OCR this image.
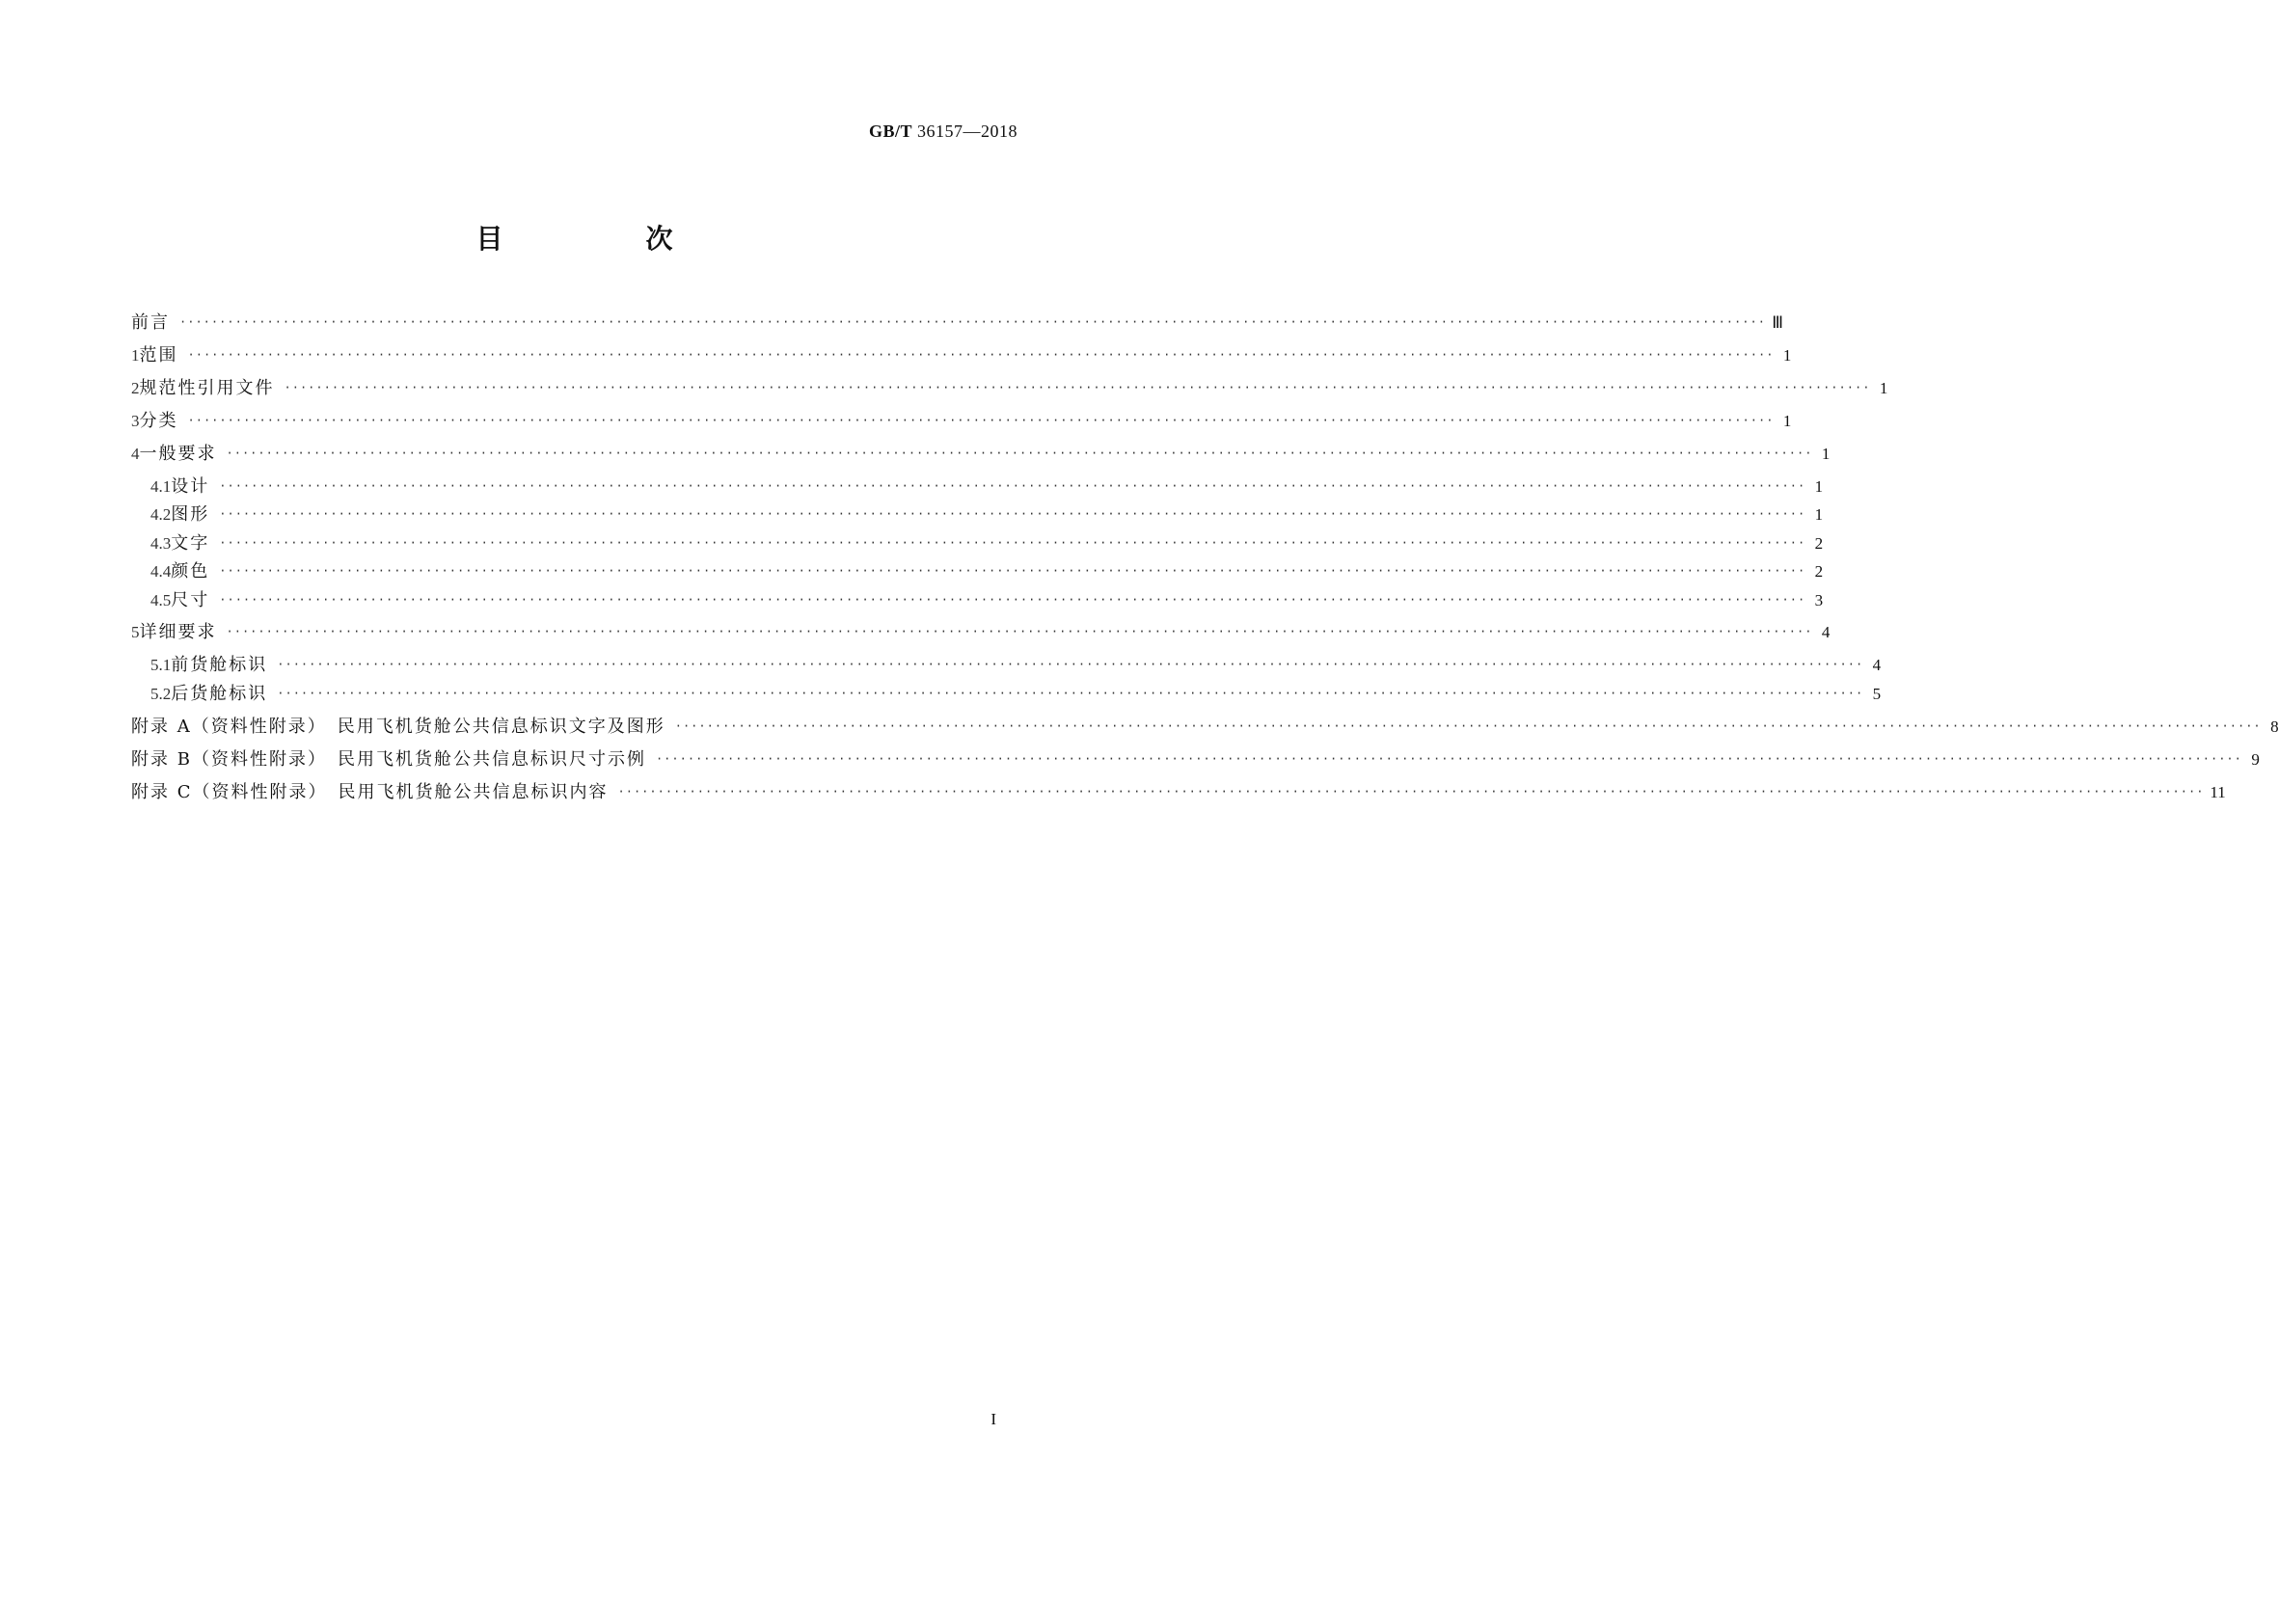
GB/T 36157—2018
目　次
前言 ········································································································································································································ Ⅲ
1 范围 ········································································································································································································ 1
2 规范性引用文件 ········································································································································································································ 1
3 分类 ········································································································································································································ 1
4 一般要求 ········································································································································································································ 1
4.1 设计 ········································································································································································································ 1
4.2 图形 ········································································································································································································ 1
4.3 文字 ········································································································································································································ 2
4.4 颜色 ········································································································································································································ 2
4.5 尺寸 ········································································································································································································ 3
5 详细要求 ········································································································································································································ 4
5.1 前货舱标识 ········································································································································································································ 4
5.2 后货舱标识 ········································································································································································································ 5
附录 A（资料性附录）　民用飞机货舱公共信息标识文字及图形 ········································································································································································································ 8
附录 B（资料性附录）　民用飞机货舱公共信息标识尺寸示例 ········································································································································································································ 9
附录 C（资料性附录）　民用飞机货舱公共信息标识内容 ········································································································································································································ 11
I
